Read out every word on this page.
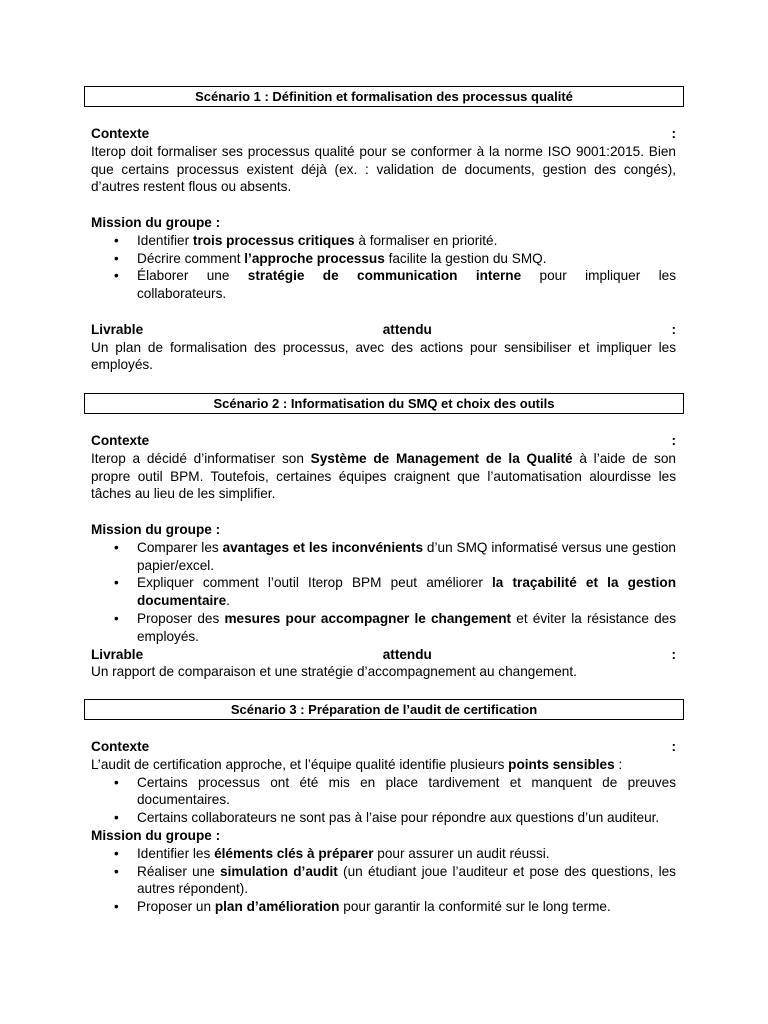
Scénario 1 : Définition et formalisation des processus qualité
Contexte	:
Iterop doit formaliser ses processus qualité pour se conformer à la norme ISO 9001:2015. Bien que certains processus existent déjà (ex. : validation de documents, gestion des congés), d’autres restent flous ou absents.
Mission du groupe :
• Identifier trois processus critiques à formaliser en priorité.
• Décrire comment l’approche processus facilite la gestion du SMQ.
• Élaborer une stratégie de communication interne pour impliquer les
collaborateurs.
Livrable	attendu	:
Un plan de formalisation des processus, avec des actions pour sensibiliser et impliquer les employés.
Scénario 2 : Informatisation du SMQ et choix des outils
Contexte	:
Iterop a décidé d’informatiser son Système de Management de la Qualité à l’aide de son propre outil BPM. Toutefois, certaines équipes craignent que l’automatisation alourdisse les tâches au lieu de les simplifier.
Mission du groupe :
• Comparer les avantages et les inconvénients d’un SMQ informatisé versus une gestion papier/excel.
• Expliquer comment l’outil Iterop BPM peut améliorer la traçabilité et la gestion documentaire.
• Proposer des mesures pour accompagner le changement et éviter la résistance des employés.
Livrable	attendu	:
Un rapport de comparaison et une stratégie d’accompagnement au changement.
Scénario 3 : Préparation de l’audit de certification
Contexte	:
L’audit de certification approche, et l’équipe qualité identifie plusieurs points sensibles :
• Certains processus ont été mis en place tardivement et manquent de preuves documentaires.
• Certains collaborateurs ne sont pas à l’aise pour répondre aux questions d’un auditeur.
Mission du groupe :
• Identifier les éléments clés à préparer pour assurer un audit réussi.
• Réaliser une simulation d’audit (un étudiant joue l’auditeur et pose des questions, les autres répondent).
• Proposer un plan d’amélioration pour garantir la conformité sur le long terme.
